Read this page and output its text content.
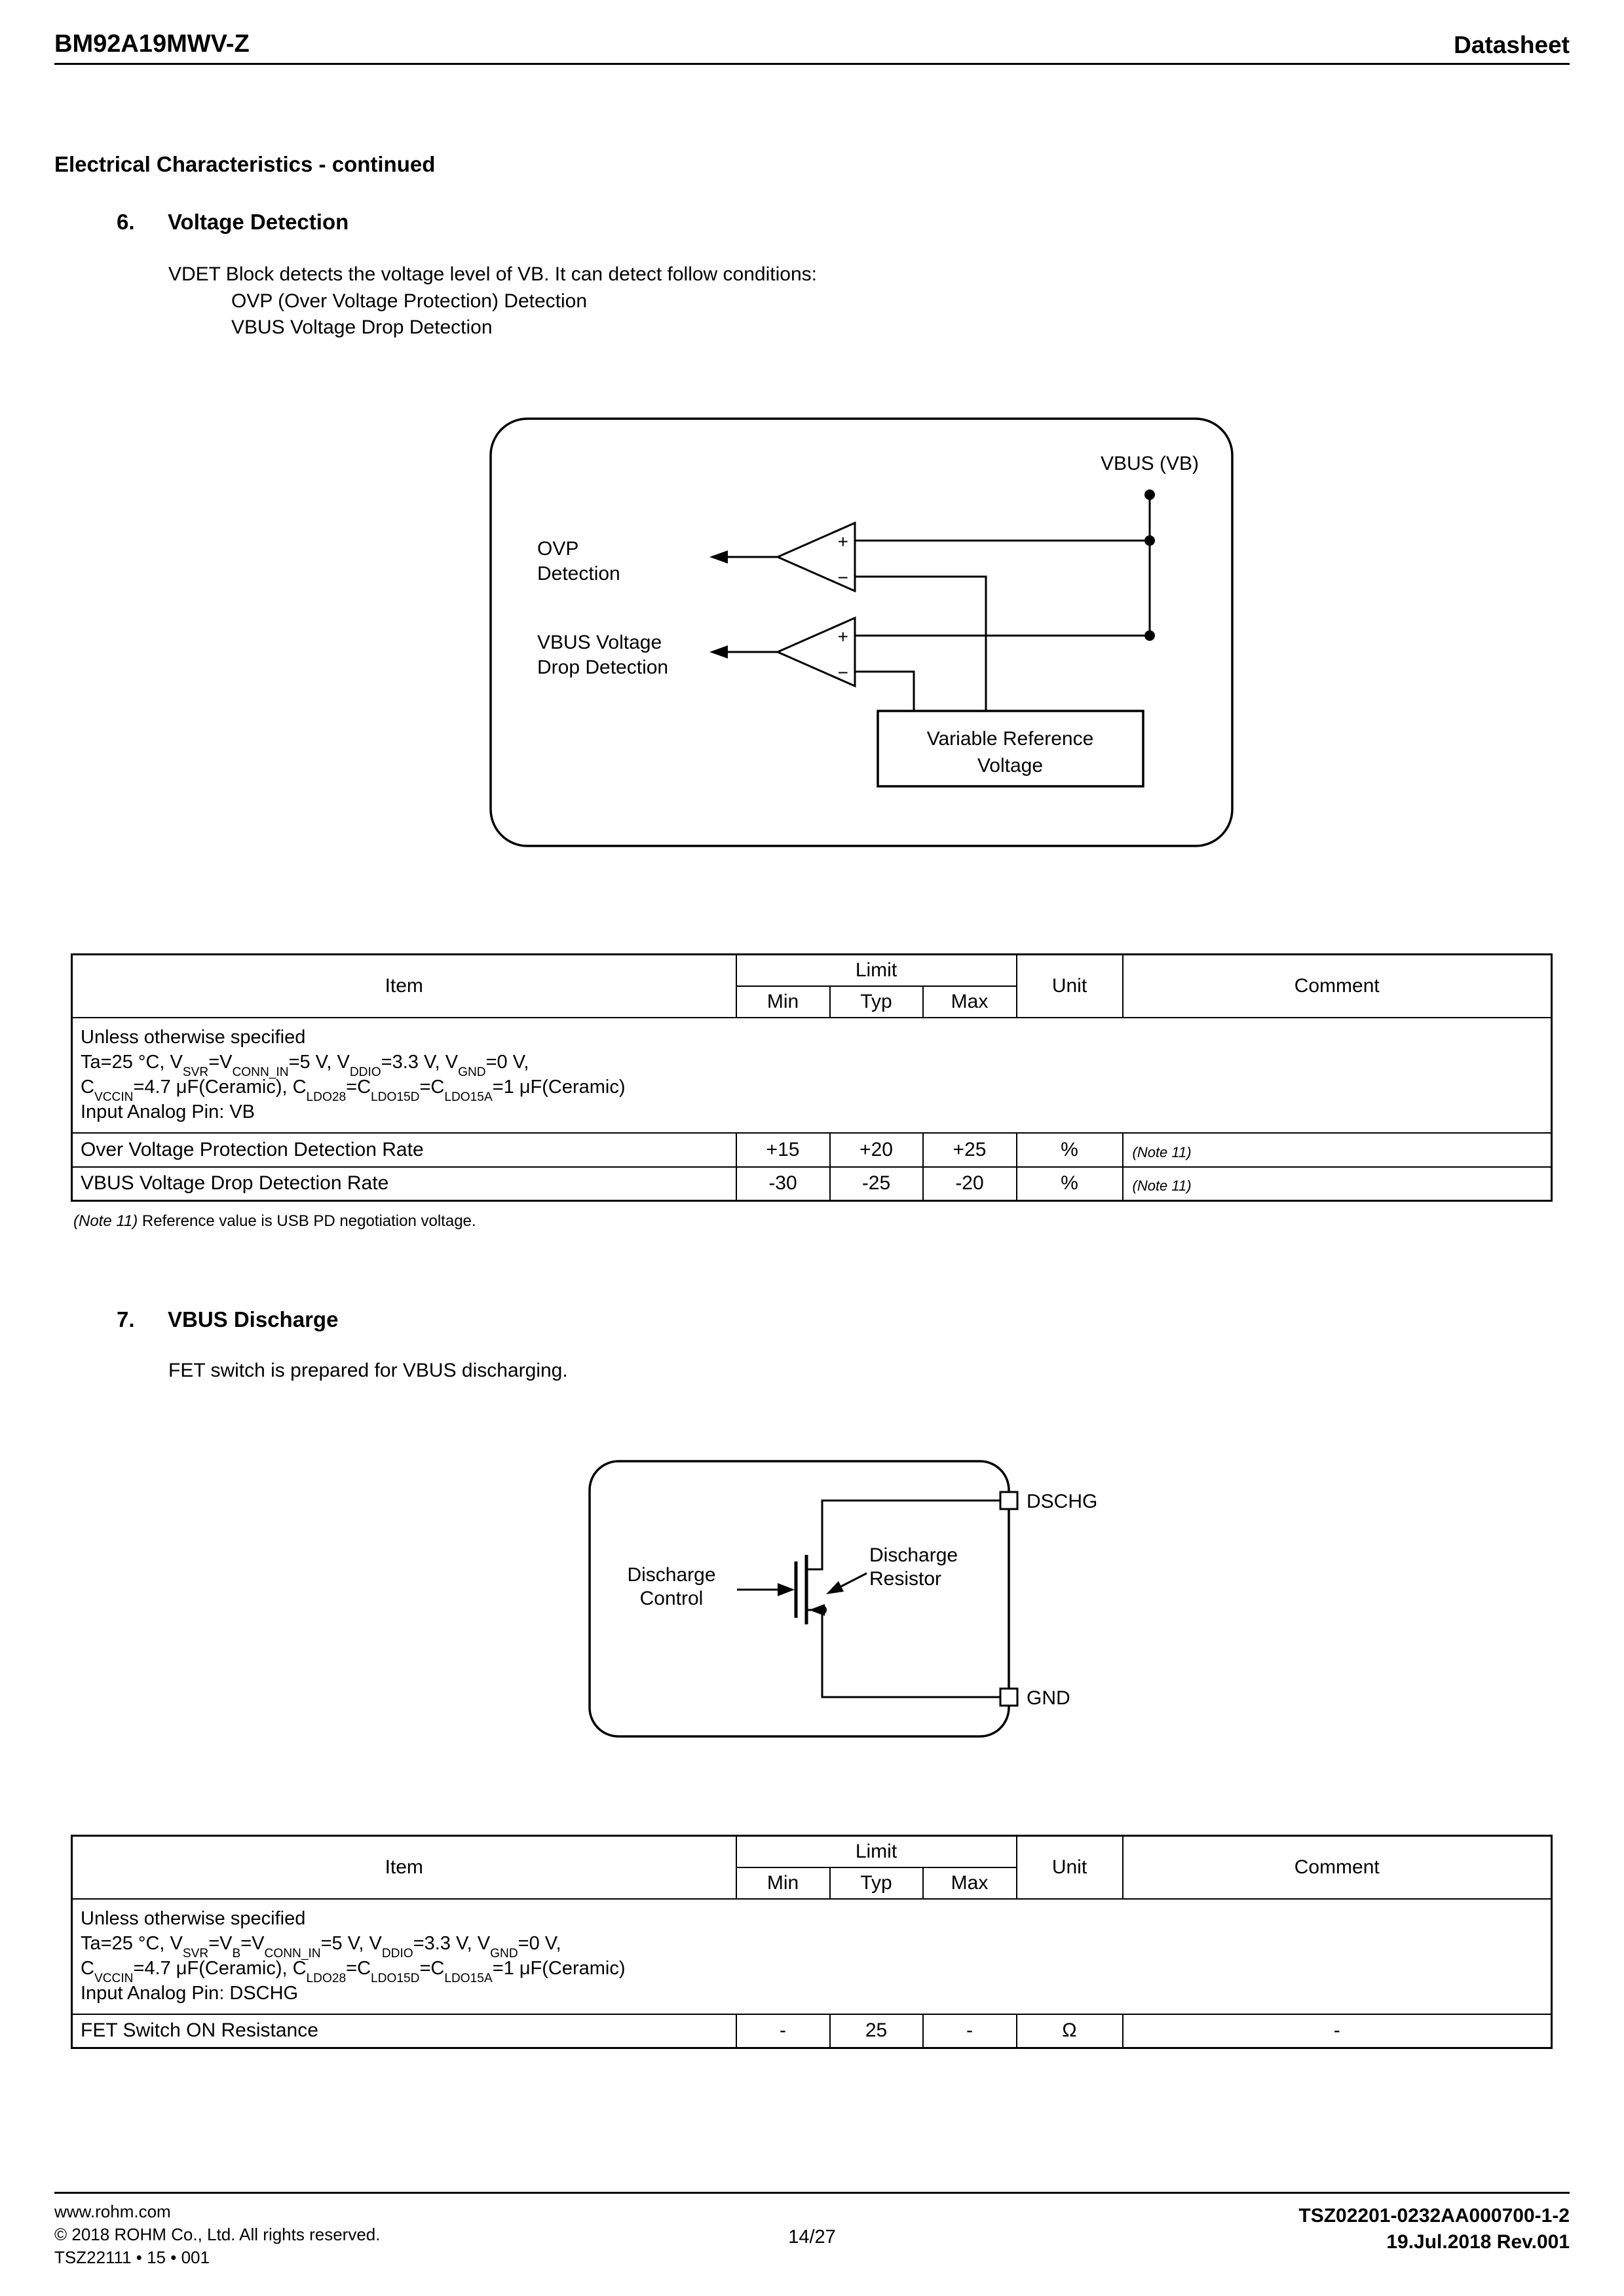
BM92A19MWV-Z	Datasheet
Electrical Characteristics - continued
6.	Voltage Detection

VDET Block detects the voltage level of VB. It can detect follow conditions:

OVP (Over Voltage Protection) Detection

VBUS Voltage Drop Detection

VBUS (VB)
+
−
OVP
Detection
+
−
VBUS Voltage
Drop Detection
Variable Reference
Voltage
Item	Limit			Unit	Comment
	Min	Typ	Max		

Unless otherwise specified
Ta=25 °C, $V_{SVR}=V_{CONN\_IN}=5$ V, $V_{DDIO}=3.3$ V, $V_{GND}=0$ V,
$C_{VCCIN}=4.7$ μF(Ceramic), $C_{LDO28}=C_{LDO15D}=C_{LDO15A}=1$ μF(Ceramic)
Input Analog Pin: VB					

Over Voltage Protection Detection Rate	+15	+20	+25	%	(Note 11)
VBUS Voltage Drop Detection Rate	-30	-25	-20	%	(Note 11)

(Note 11) Reference value is USB PD negotiation voltage.

7.	VBUS Discharge

FET switch is prepared for VBUS discharging.

DSCHG
GND
Discharge
Control
Discharge
Resistor
Item	Limit			Unit	Comment
	Min	Typ	Max		

Unless otherwise specified
Ta=25 °C, $V_{SVR}=V_B=V_{CONN\_IN}=5$ V, $V_{DDIO}=3.3$ V, $V_{GND}=0$ V,
$C_{VCCIN}=4.7$ μF(Ceramic), $C_{LDO28}=C_{LDO15D}=C_{LDO15A}=1$ μF(Ceramic)
Input Analog Pin: DSCHG					

FET Switch ON Resistance	-	25	-	Ω	-
www.rohm.com
© 2018 ROHM Co., Ltd. All rights reserved.
TSZ22111 • 15 • 001
14/27
TSZ02201-0232AA000700-1-2
19.Jul.2018 Rev.001
